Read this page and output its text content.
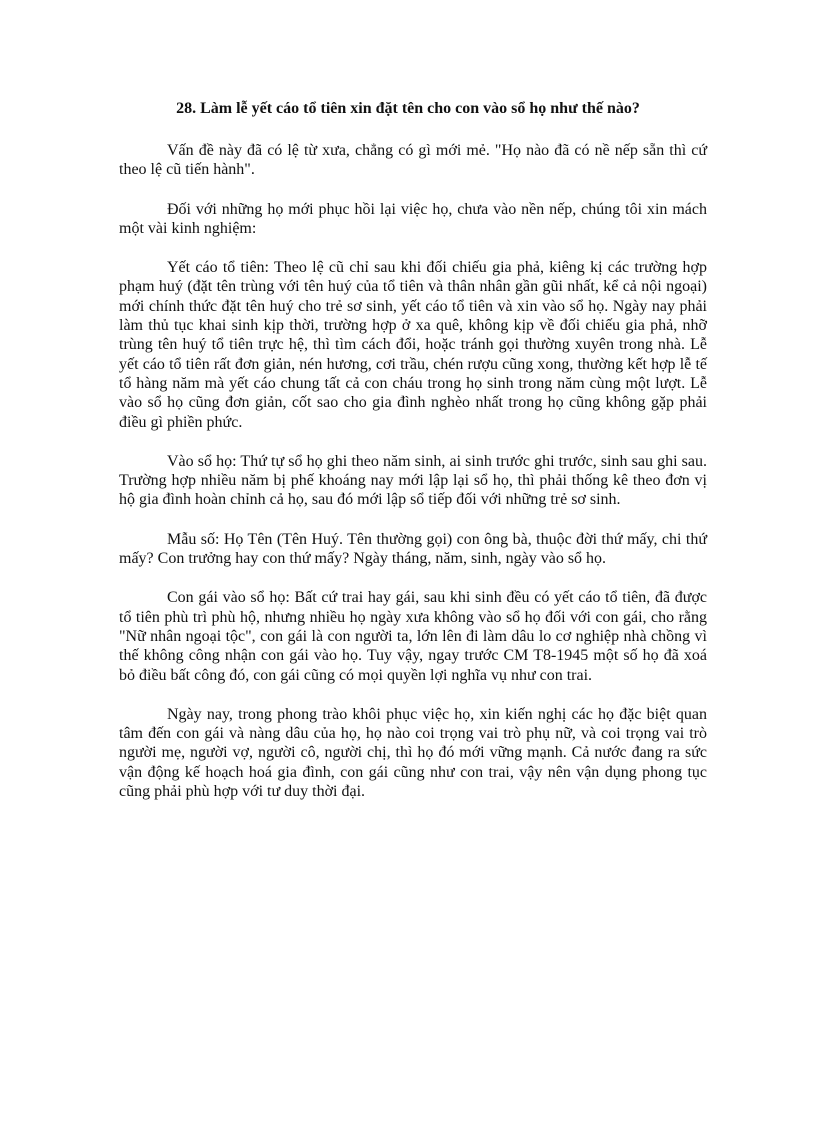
28. Làm lễ yết cáo tổ tiên xin đặt tên cho con vào sổ họ như thế nào?

Vấn đề này đã có lệ từ xưa, chẳng có gì mới mẻ. "Họ nào đã có nề nếp sẵn thì cứ theo lệ cũ tiến hành".

Đối với những họ mới phục hồi lại việc họ, chưa vào nền nếp, chúng tôi xin mách một vài kinh nghiệm:

Yết cáo tổ tiên: Theo lệ cũ chỉ sau khi đối chiếu gia phả, kiêng kị các trường hợp phạm huý (đặt tên trùng với tên huý của tổ tiên và thân nhân gần gũi nhất, kể cả nội ngoại) mới chính thức đặt tên huý cho trẻ sơ sinh, yết cáo tổ tiên và xin vào sổ họ. Ngày nay phải làm thủ tục khai sinh kịp thời, trường hợp ở xa quê, không kịp về đối chiếu gia phả, nhỡ trùng tên huý tổ tiên trực hệ, thì tìm cách đổi, hoặc tránh gọi thường xuyên trong nhà. Lễ yết cáo tổ tiên rất đơn giản, nén hương, cơi trầu, chén rượu cũng xong, thường kết hợp lễ tế tổ hàng năm mà yết cáo chung tất cả con cháu trong họ sinh trong năm cùng một lượt. Lễ vào sổ họ cũng đơn giản, cốt sao cho gia đình nghèo nhất trong họ cũng không gặp phải điều gì phiền phức.

Vào sổ họ: Thứ tự sổ họ ghi theo năm sinh, ai sinh trước ghi trước, sinh sau ghi sau. Trường hợp nhiều năm bị phế khoáng nay mới lập lại sổ họ, thì phải thống kê theo đơn vị hộ gia đình hoàn chỉnh cả họ, sau đó mới lập sổ tiếp đối với những trẻ sơ sinh.

Mẫu số: Họ Tên (Tên Huý. Tên thường gọi) con ông bà, thuộc đời thứ mấy, chi thứ mấy? Con trưởng hay con thứ mấy? Ngày tháng, năm, sinh, ngày vào sổ họ.

Con gái vào sổ họ: Bất cứ trai hay gái, sau khi sinh đều có yết cáo tổ tiên, đã được tổ tiên phù trì phù hộ, nhưng nhiều họ ngày xưa không vào sổ họ đối với con gái, cho rằng "Nữ nhân ngoại tộc", con gái là con người ta, lớn lên đi làm dâu lo cơ nghiệp nhà chồng vì thế không công nhận con gái vào họ. Tuy vậy, ngay trước CM T8-1945 một số họ đã xoá bỏ điều bất công đó, con gái cũng có mọi quyền lợi nghĩa vụ như con trai.

Ngày nay, trong phong trào khôi phục việc họ, xin kiến nghị các họ đặc biệt quan tâm đến con gái và nàng dâu của họ, họ nào coi trọng vai trò phụ nữ, và coi trọng vai trò người mẹ, người vợ, người cô, người chị, thì họ đó mới vững mạnh. Cả nước đang ra sức vận động kế hoạch hoá gia đình, con gái cũng như con trai, vậy nên vận dụng phong tục cũng phải phù hợp với tư duy thời đại.
